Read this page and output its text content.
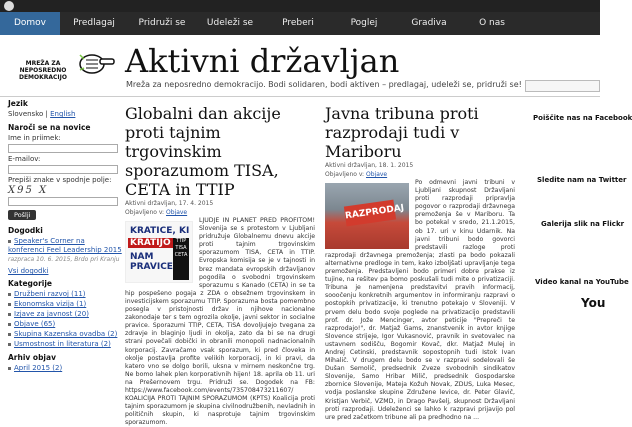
Domov	Predlagaj	Pridruži se	Udeleži se	Preberi	Poglej	Gradiva	O nas
MREŽA ZA NEPOSREDNO DEMOKRACIJO	Aktivni državljan
Mreža za neposredno demokracijo. Bodi solidaren, bodi aktiven – predlagaj, udeleži se, pridruži se!
Jezik
Slovensko | English
Naroči se na novice
Ime in priimek:
E-mailov:
Prepiši znake v spodnje polje:
X95 X
Pošlji
Dogodki
Speaker's Corner na konferenci Feel Leadership 2015 razpraca 10. 6. 2015, Brdo pri Kranju
Vsi dogodki
Kategorije
Družbeni razvoj (11)
Ekonomska vizija (1)
Izjave za javnost (20)
Objave (65)
Skupina Kazenska ovadba (2)
Usmostnost in literatura (2)
Arhiv objav
April 2015 (2)
Globalni dan akcije proti tajnim trgovinskim sporazumom TISA, CETA in TTIP
Aktivni državljan, 17. 4. 2015
Objavljeno v: Objave
KRATICE, KI
KRATIJO
NAM PRAVICE
TTIP
TISA
CETA
LJUDJE IN PLANET PRED PROFITOM! Slovenija se s protestom v Ljubljani pridružuje Globalnemu dnevu akcije proti tajnim trgovinskim sporazumom TISA, CETA in TTIP. Evropska komisija se je v tajnosti in brez mandata evropskih državljanov pogodila o svobodni trgovinskem sporazumu s Kanado (CETA) in se ta hip pospešeno pogaja z ZDA o obsežnem trgovinskem in investicijskem sporazumu TTIP. Sporazuma bosta pomembno posegla v pristojnosti držav in njihove nacionalne zakonodaje ter s tem ogrozila okolje, javni sektor in socialne pravice. Sporazumi TTIP, CETA, TiSA dovoljujejo tvegana za zdravje in blaginjo ljudi in okolja, zato da bi se na drugi strani povečali dobički in obranili monopoli nadnacionalnih korporacij. Zavračamo vsak sporazum, ki pred človeka in okolje postavlja profite velikih korporacij, in ki pravi, da katero vno se dolgo borili, uksna v mirnem neskončne trg. Ne bomo lahek plen korporativnih hijen! 18. aprila ob 11. uri na Prešernovem trgu. Pridruži se. Dogodek na FB: https://www.facebook.com/events/735708473211607/ KOALICIJA PROTI TAJNIM SPORAZUMOM (KPTS) Koalicija proti tajnim sporazumom je skupina civilnodružbenih, nevladnih in političnih skupin, ki nasprotuje tajnim trgovinskim sporazumom.
Javna tribuna proti razprodaji tudi v Mariboru
Aktivni državljan, 18. 1. 2015
Objavljeno v: Objave
RAZPRODAJ
Po odmevni javni tribuni v Ljubljani skupnost Državljani proti razprodaji pripravlja pogovor o razprodaji državnega premoženja še v Mariboru. Ta bo potekal v sredo, 21.1.2015, ob 17. uri v kinu Udarnik. Na javni tribuni bodo govorci predstavili razloge proti razprodaji državnega premoženja; zlasti pa bodo pokazali alternativne predloge in tem, kako izboljšati upravljanje tega premoženja. Predstavljeni bodo primeri dobre prakse iz tujine, na rešitev pa bomo poskušali tudi mite o privatizaciji. Tribuna je namenjena predstavitvi pravih informacij, sooočenju konkretnih argumentov in informiranju razpravi o postopkih privatizacije, ki trenutno potekajo v Sloveniji. V prvem delu bodo svoje poglede na privatizacijo predstavili prof. dr. Jože Mencinger, avtor peticije "Prepreči te razprodajo!", dr. Matjaž Gams, znanstvenik in avtor knjige Slovence strijeje, Igor Vukasnović, pravnik in svetovalec na ustavnem sodišču, Bogomir Kovač, dkr. Matjaž Mulej in Andrej Cetinski, predstavnik sopostopnih tudi Istok Ivan Mihalič. V drugem delu bodo se v razpravi sodelovali še Dušan Semolič, predsednik Zveze svobodnih sindikatov Slovenije, Samo Hribar Milič, predsednik Gospodarske zbornice Slovenije, Mateja Kožuh Novak, ZDUS, Luka Mesec, vodja poslanske skupine Združene levice, dr. Peter Glavič, Kristjan Verbič, VZMD, in Drago Pavšelj, skupnost Državljani proti razprodaji. Udeleženci se lahko k razpravi prijavijo pol ure pred začetkom tribune ali pa predhodno na ...
Poiščite nas na Facebook
Sledite nam na Twitter
Galerija slik na Flickr
Video kanal na YouTube
You
